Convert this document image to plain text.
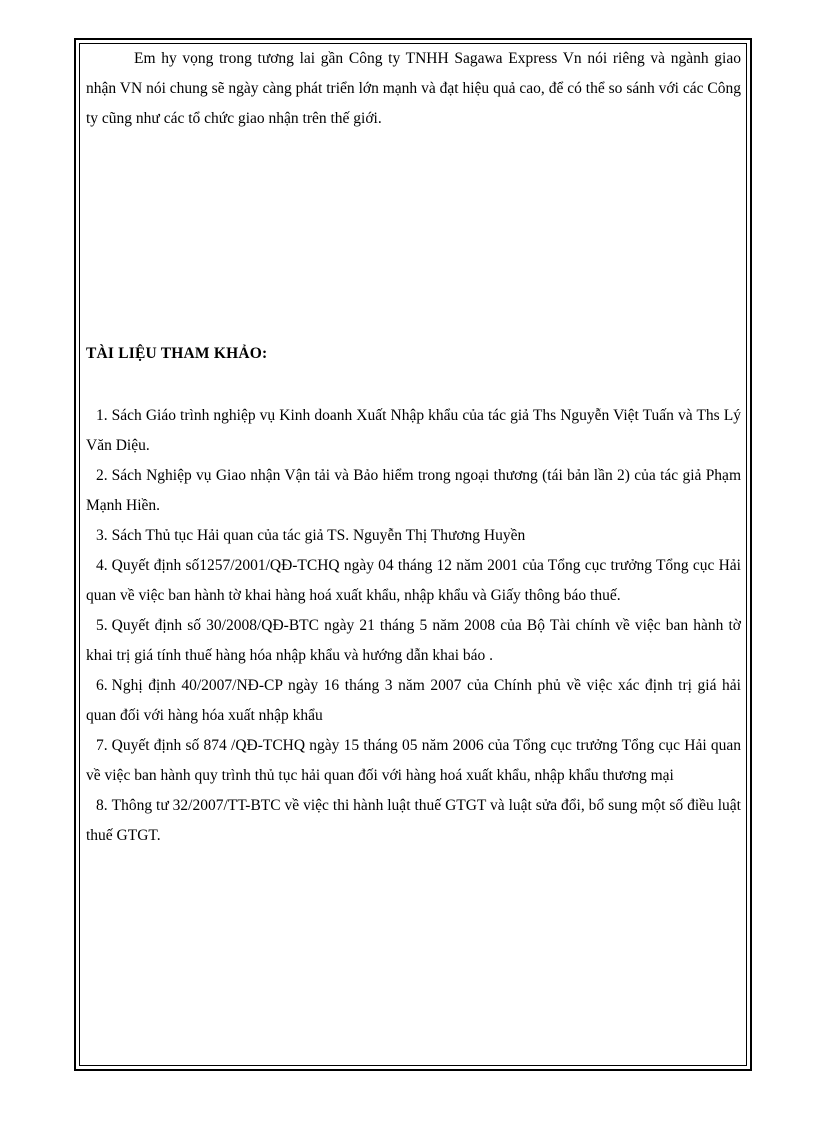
Em hy vọng trong tương lai gần Công ty TNHH Sagawa Express Vn nói riêng và ngành giao nhận VN nói chung sẽ ngày càng phát triển lớn mạnh và đạt hiệu quả cao, để có thể so sánh với các Công ty cũng như các tổ chức giao nhận trên thế giới.

TÀI LIỆU THAM KHẢO:

1. Sách Giáo trình nghiệp vụ Kinh doanh Xuất Nhập khẩu của tác giả Ths Nguyễn Việt Tuấn và Ths Lý Văn Diệu.
2. Sách Nghiệp vụ Giao nhận Vận tải và Bảo hiểm trong ngoại thương (tái bản lần 2) của tác giả Phạm Mạnh Hiền.
3. Sách Thủ tục Hải quan của tác giả TS. Nguyễn Thị Thương Huyền
4. Quyết định số1257/2001/QĐ-TCHQ ngày 04 tháng 12 năm 2001 của Tổng cục trưởng Tổng cục Hải quan về việc ban hành tờ khai hàng hoá xuất khẩu, nhập khẩu và Giấy thông báo thuế.
5. Quyết định số 30/2008/QĐ-BTC ngày 21 tháng 5 năm 2008 của Bộ Tài chính về việc ban hành tờ khai trị giá tính thuế hàng hóa nhập khẩu và hướng dẫn khai báo .
6. Nghị định 40/2007/NĐ-CP ngày 16 tháng 3 năm 2007 của Chính phủ về việc xác định trị giá hải quan đối với hàng hóa xuất nhập khẩu
7. Quyết định số 874 /QĐ-TCHQ ngày 15 tháng 05 năm 2006 của Tổng cục trưởng Tổng cục Hải quan về việc ban hành quy trình thủ tục hải quan đối với hàng hoá xuất khẩu, nhập khẩu thương mại
8. Thông tư 32/2007/TT-BTC về việc thi hành luật thuế GTGT và luật sửa đổi, bổ sung một số điều luật thuế GTGT.
